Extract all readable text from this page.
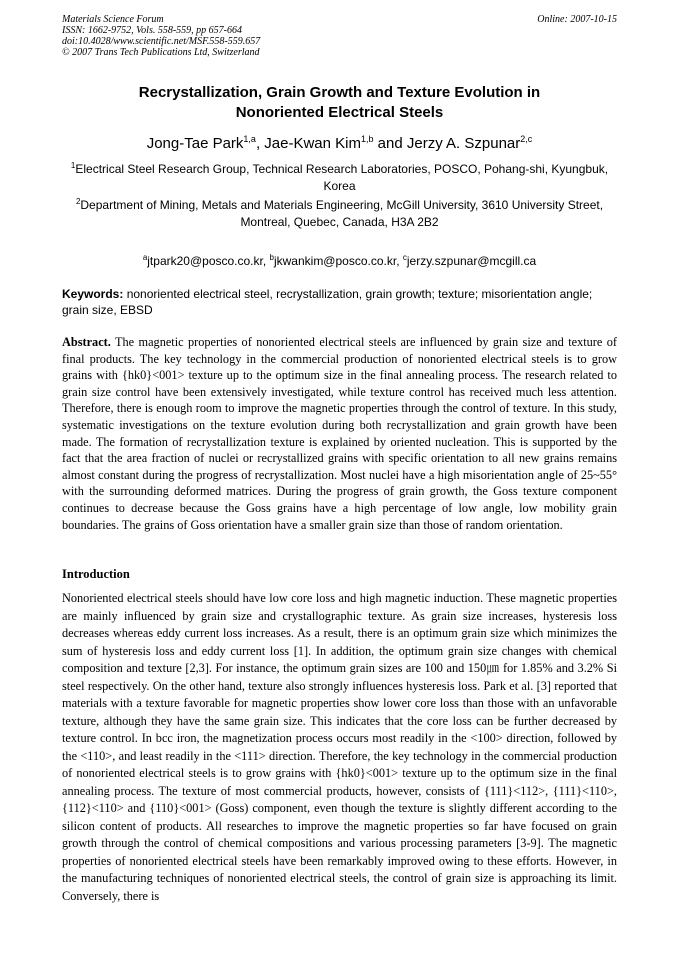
Materials Science Forum	Online: 2007-10-15
ISSN: 1662-9752, Vols. 558-559, pp 657-664
doi:10.4028/www.scientific.net/MSF.558-559.657
© 2007 Trans Tech Publications Ltd, Switzerland
Recrystallization, Grain Growth and Texture Evolution in
Nonoriented Electrical Steels
Jong-Tae Park$^{1,a}$, Jae-Kwan Kim$^{1,b}$ and Jerzy A. Szpunar$^{2,c}$
$^1$Electrical Steel Research Group, Technical Research Laboratories, POSCO, Pohang-shi, Kyungbuk, Korea
$^2$Department of Mining, Metals and Materials Engineering, McGill University, 3610 University Street, Montreal, Quebec, Canada, H3A 2B2
$^a$jtpark20@posco.co.kr, $^b$jkwankim@posco.co.kr, $^c$jerzy.szpunar@mcgill.ca
Keywords: nonoriented electrical steel, recrystallization, grain growth; texture; misorientation angle; grain size, EBSD
Abstract. The magnetic properties of nonoriented electrical steels are influenced by grain size and texture of final products. The key technology in the commercial production of nonoriented electrical steels is to grow grains with {hk0}<001> texture up to the optimum size in the final annealing process. The research related to grain size control have been extensively investigated, while texture control has received much less attention. Therefore, there is enough room to improve the magnetic properties through the control of texture. In this study, systematic investigations on the texture evolution during both recrystallization and grain growth have been made. The formation of recrystallization texture is explained by oriented nucleation. This is supported by the fact that the area fraction of nuclei or recrystallized grains with specific orientation to all new grains remains almost constant during the progress of recrystallization. Most nuclei have a high misorientation angle of 25~55° with the surrounding deformed matrices. During the progress of grain growth, the Goss texture component continues to decrease because the Goss grains have a high percentage of low angle, low mobility grain boundaries. The grains of Goss orientation have a smaller grain size than those of random orientation.
Introduction
Nonoriented electrical steels should have low core loss and high magnetic induction. These magnetic properties are mainly influenced by grain size and crystallographic texture. As grain size increases, hysteresis loss decreases whereas eddy current loss increases. As a result, there is an optimum grain size which minimizes the sum of hysteresis loss and eddy current loss [1]. In addition, the optimum grain size changes with chemical composition and texture [2,3]. For instance, the optimum grain sizes are 100 and 150㎛ for 1.85% and 3.2% Si steel respectively. On the other hand, texture also strongly influences hysteresis loss. Park et al. [3] reported that materials with a texture favorable for magnetic properties show lower core loss than those with an unfavorable texture, although they have the same grain size. This indicates that the core loss can be further decreased by texture control. In bcc iron, the magnetization process occurs most readily in the <100> direction, followed by the <110>, and least readily in the <111> direction. Therefore, the key technology in the commercial production of nonoriented electrical steels is to grow grains with {hk0}<001> texture up to the optimum size in the final annealing process. The texture of most commercial products, however, consists of {111}<112>, {111}<110>, {112}<110> and {110}<001> (Goss) component, even though the texture is slightly different according to the silicon content of products. All researches to improve the magnetic properties so far have focused on grain growth through the control of chemical compositions and various processing parameters [3-9]. The magnetic properties of nonoriented electrical steels have been remarkably improved owing to these efforts. However, in the manufacturing techniques of nonoriented electrical steels, the control of grain size is approaching its limit. Conversely, there is
